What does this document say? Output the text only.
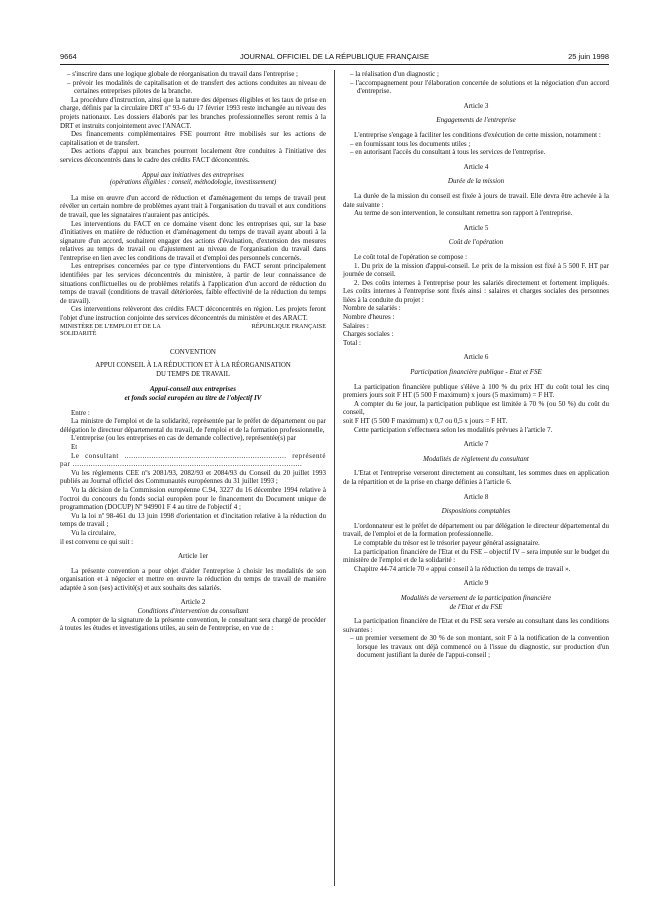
9664	JOURNAL OFFICIEL DE LA RÉPUBLIQUE FRANÇAISE	25 juin 1998

– s'inscrire dans une logique globale de réorganisation du travail dans l'entreprise ;

– prévoir les modalités de capitalisation et de transfert des actions conduites au niveau de certaines entreprises pilotes de la branche.

La procédure d'instruction, ainsi que la nature des dépenses éligibles et les taux de prise en charge, définis par la circulaire DRT nº 93-6 du 17 février 1993 reste inchangée au niveau des projets nationaux. Les dossiers élaborés par les branches professionnelles seront remis à la DRT et instruits conjointement avec l'ANACT.

Des financements complémentaires FSE pourront être mobilisés sur les actions de capitalisation et de transfert.

Des actions d'appui aux branches pourront localement être conduites à l'initiative des services déconcentrés dans le cadre des crédits FACT déconcentrés.

Appui aux initiatives des entreprises

(opérations éligibles : conseil, méthodologie, investissement)

La mise en œuvre d'un accord de réduction et d'aménagement du temps de travail peut révéler un certain nombre de problèmes ayant trait à l'organisation du travail et aux conditions de travail, que les signataires n'auraient pas anticipés.

Les interventions du FACT en ce domaine visent donc les entreprises qui, sur la base d'initiatives en matière de réduction et d'aménagement du temps de travail ayant abouti à la signature d'un accord, souhaitent engager des actions d'évaluation, d'extension des mesures relatives au temps de travail ou d'ajustement au niveau de l'organisation du travail dans l'entreprise en lien avec les conditions de travail et d'emploi des personnels concernés.

Les entreprises concernées par ce type d'interventions du FACT seront principalement identifiées par les services déconcentrés du ministère, à partir de leur connaissance de situations conflictuelles ou de problèmes relatifs à l'application d'un accord de réduction du temps de travail (conditions de travail détériorées, faible effectivité de la réduction du temps de travail).

Ces interventions relèveront des crédits FACT déconcentrés en région. Les projets feront l'objet d'une instruction conjointe des services déconcentrés du ministère et des ARACT.

MINISTÈRE DE L'EMPLOI ET DE LA SOLIDARITÉ
RÉPUBLIQUE FRANÇAISE

CONVENTION

APPUI CONSEIL À LA RÉDUCTION ET À LA RÉORGANISATION

DU TEMPS DE TRAVAIL

Appui-conseil aux entreprises

et fonds social européen au titre de l'objectif IV

Entre :

La ministre de l'emploi et de la solidarité, représentée par le préfet de département ou par délégation le directeur départemental du travail, de l'emploi et de la formation professionnelle,

L'entreprise (ou les entreprises en cas de demande collective), représentée(s) par

Et

Le consultant ........................................................................ représenté par ......................................................................................................

Vu les règlements CEE nºs 2081/93, 2082/93 et 2084/93 du Conseil du 20 juillet 1993 publiés au Journal officiel des Communautés européennes du 31 juillet 1993 ;

Vu la décision de la Commission européenne C.94, 3227 du 16 décembre 1994 relative à l'octroi du concours du fonds social européen pour le financement du Document unique de programmation (DOCUP) Nº 949901 F 4 au titre de l'objectif 4 ;

Vu la loi nº 98-461 du 13 juin 1998 d'orientation et d'incitation relative à la réduction du temps de travail ;

Vu la circulaire,

il est convenu ce qui suit :

Article 1er

La présente convention a pour objet d'aider l'entreprise à choisir les modalités de son organisation et à négocier et mettre en œuvre la réduction du temps de travail de manière adaptée à son (ses) activité(s) et aux souhaits des salariés.

Article 2

Conditions d'intervention du consultant

A compter de la signature de la présente convention, le consultant sera chargé de procéder à toutes les études et investigations utiles, au sein de l'entreprise, en vue de :

– la réalisation d'un diagnostic ;

– l'accompagnement pour l'élaboration concertée de solutions et la négociation d'un accord d'entreprise.

Article 3

Engagements de l'entreprise

L'entreprise s'engage à faciliter les conditions d'exécution de cette mission, notamment :

– en fournissant tous les documents utiles ;

– en autorisant l'accès du consultant à tous les services de l'entreprise.

Article 4

Durée de la mission

La durée de la mission du conseil est fixée à jours de travail. Elle devra être achevée à la date suivante :

Au terme de son intervention, le consultant remettra son rapport à l'entreprise.

Article 5

Coût de l'opération

Le coût total de l'opération se compose :

1. Du prix de la mission d'appui-conseil. Le prix de la mission est fixé à 5 500 F. HT par journée de conseil.

2. Des coûts internes à l'entreprise pour les salariés directement et fortement impliqués. Les coûts internes à l'entreprise sont fixés ainsi : salaires et charges sociales des personnes liées à la conduite du projet :

Nombre de salariés :

Nombre d'heures :

Salaires :

Charges sociales :

Total :

Article 6

Participation financière publique - Etat et FSE

La participation financière publique s'élève à 100 % du prix HT du coût total les cinq premiers jours soit F HT (5 500 F maximum) x jours (5 maximum) = F HT.

A compter du 6e jour, la participation publique est limitée à 70 % (ou 50 %) du coût du conseil,

soit F HT (5 500 F maximum) x 0,7 ou 0,5 x jours = F HT.

Cette participation s'effectuera selon les modalités prévues à l'article 7.

Article 7

Modalités de règlement du consultant

L'Etat et l'entreprise verseront directement au consultant, les sommes dues en application de la répartition et de la prise en charge définies à l'article 6.

Article 8

Dispositions comptables

L'ordonnateur est le préfet de département ou par délégation le directeur départemental du travail, de l'emploi et de la formation professionnelle.

Le comptable du trésor est le trésorier payeur général assignataire.

La participation financière de l'Etat et du FSE – objectif IV – sera imputée sur le budget du ministère de l'emploi et de la solidarité :

Chapitre 44-74 article 70 « appui conseil à la réduction du temps de travail ».

Article 9

Modalités de versement de la participation financière

de l'Etat et du FSE

La participation financière de l'Etat et du FSE sera versée au consultant dans les conditions suivantes :

– un premier versement de 30 % de son montant, soit F à la notification de la convention lorsque les travaux ont déjà commencé ou à l'issue du diagnostic, sur production d'un document justifiant la durée de l'appui-conseil ;
